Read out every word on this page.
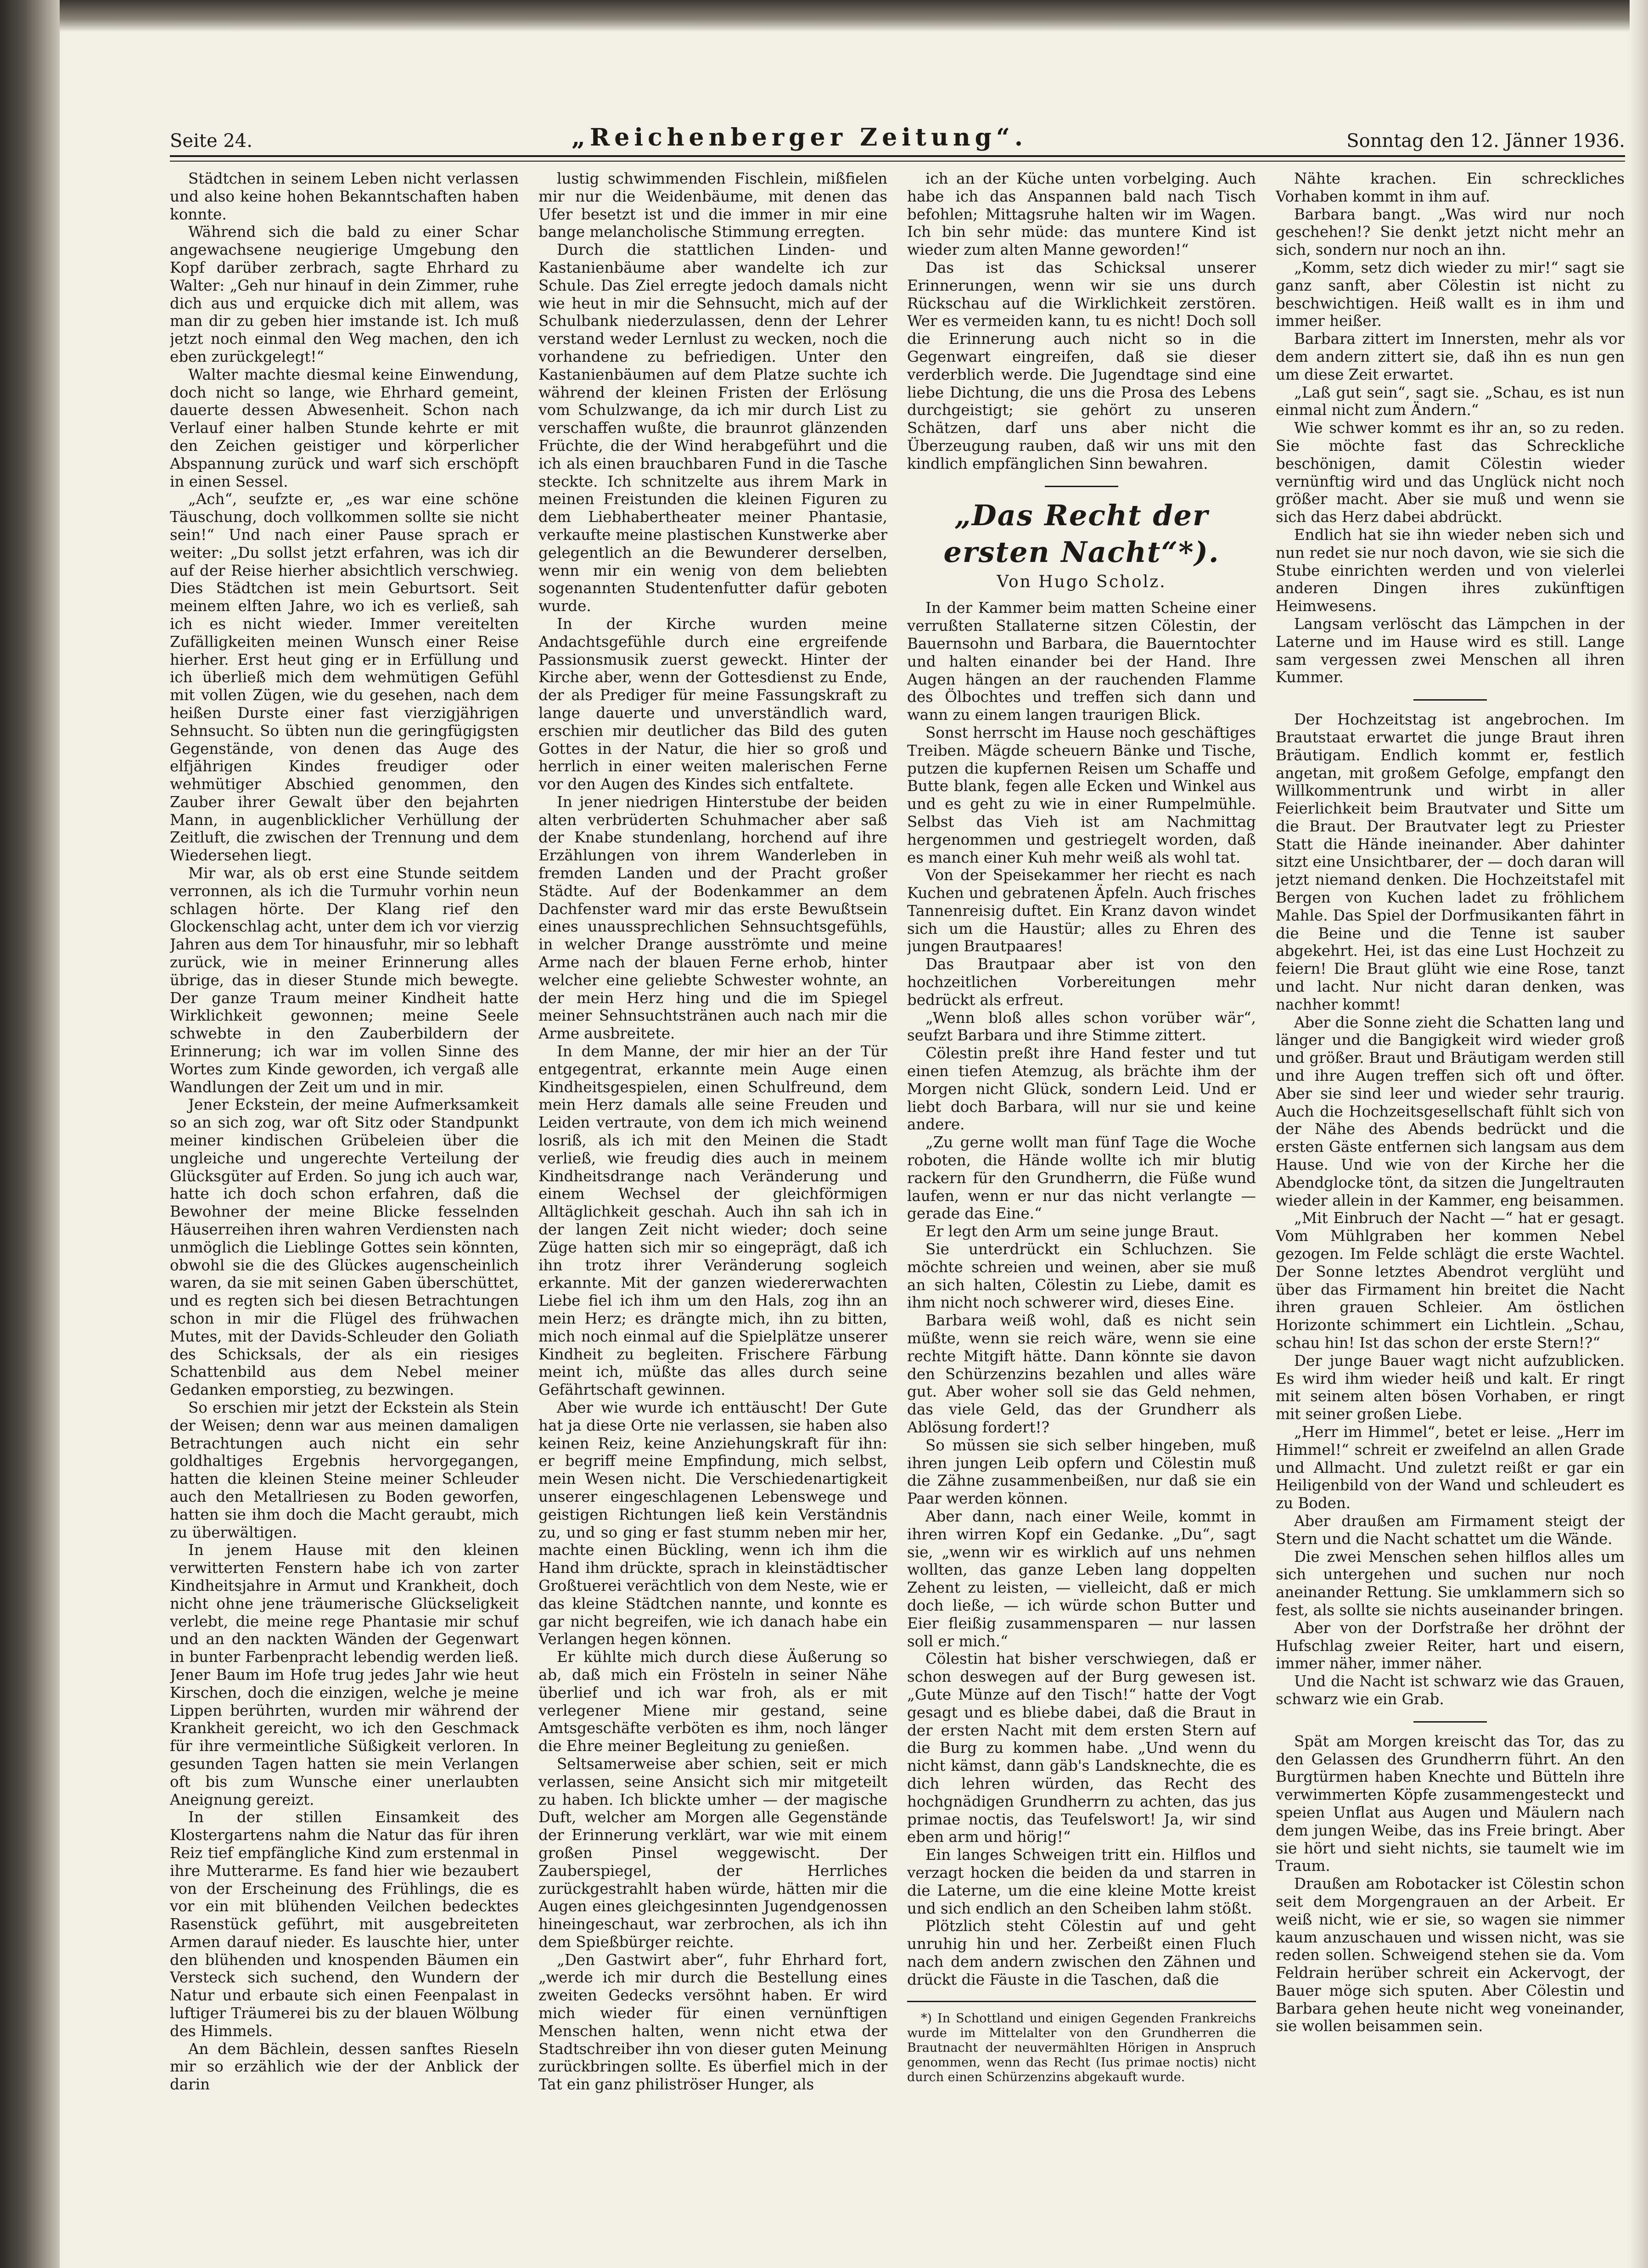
Seite 24.	„Reichenberger Zeitung“.	Sonntag den 12. Jänner 1936.

Städtchen in seinem Leben nicht verlassen und also keine hohen Bekanntschaften haben konnte.

Während sich die bald zu einer Schar angewachsene neugierige Umgebung den Kopf darüber zerbrach, sagte Ehrhard zu Walter: „Geh nur hinauf in dein Zimmer, ruhe dich aus und erquicke dich mit allem, was man dir zu geben hier imstande ist. Ich muß jetzt noch einmal den Weg machen, den ich eben zurückgelegt!“

Walter machte diesmal keine Einwendung, doch nicht so lange, wie Ehrhard gemeint, dauerte dessen Abwesenheit. Schon nach Verlauf einer halben Stunde kehrte er mit den Zeichen geistiger und körperlicher Abspannung zurück und warf sich erschöpft in einen Sessel.

„Ach“, seufzte er, „es war eine schöne Täuschung, doch vollkommen sollte sie nicht sein!“ Und nach einer Pause sprach er weiter: „Du sollst jetzt erfahren, was ich dir auf der Reise hierher absichtlich verschwieg. Dies Städtchen ist mein Geburtsort. Seit meinem elften Jahre, wo ich es verließ, sah ich es nicht wieder. Immer vereitelten Zufälligkeiten meinen Wunsch einer Reise hierher. Erst heut ging er in Erfüllung und ich überließ mich dem wehmütigen Gefühl mit vollen Zügen, wie du gesehen, nach dem heißen Durste einer fast vierzigjährigen Sehnsucht. So übten nun die geringfügigsten Gegenstände, von denen das Auge des elfjährigen Kindes freudiger oder wehmütiger Abschied genommen, den Zauber ihrer Gewalt über den bejahrten Mann, in augenblicklicher Verhüllung der Zeitluft, die zwischen der Trennung und dem Wiedersehen liegt.

Mir war, als ob erst eine Stunde seitdem verronnen, als ich die Turmuhr vorhin neun schlagen hörte. Der Klang rief den Glockenschlag acht, unter dem ich vor vierzig Jahren aus dem Tor hinausfuhr, mir so lebhaft zurück, wie in meiner Erinnerung alles übrige, das in dieser Stunde mich bewegte. Der ganze Traum meiner Kindheit hatte Wirklichkeit gewonnen; meine Seele schwebte in den Zauberbildern der Erinnerung; ich war im vollen Sinne des Wortes zum Kinde geworden, ich vergaß alle Wandlungen der Zeit um und in mir.

Jener Eckstein, der meine Aufmerksamkeit so an sich zog, war oft Sitz oder Standpunkt meiner kindischen Grübeleien über die ungleiche und ungerechte Verteilung der Glücksgüter auf Erden. So jung ich auch war, hatte ich doch schon erfahren, daß die Bewohner der meine Blicke fesselnden Häuserreihen ihren wahren Verdiensten nach unmöglich die Lieblinge Gottes sein könnten, obwohl sie die des Glückes augenscheinlich waren, da sie mit seinen Gaben überschüttet, und es regten sich bei diesen Betrachtungen schon in mir die Flügel des frühwachen Mutes, mit der Davids-Schleuder den Goliath des Schicksals, der als ein riesiges Schattenbild aus dem Nebel meiner Gedanken emporstieg, zu bezwingen.

So erschien mir jetzt der Eckstein als Stein der Weisen; denn war aus meinen damaligen Betrachtungen auch nicht ein sehr goldhaltiges Ergebnis hervorgegangen, hatten die kleinen Steine meiner Schleuder auch den Metallriesen zu Boden geworfen, hatten sie ihm doch die Macht geraubt, mich zu überwältigen.

In jenem Hause mit den kleinen verwitterten Fenstern habe ich von zarter Kindheitsjahre in Armut und Krankheit, doch nicht ohne jene träumerische Glückseligkeit verlebt, die meine rege Phantasie mir schuf und an den nackten Wänden der Gegenwart in bunter Farbenpracht lebendig werden ließ. Jener Baum im Hofe trug jedes Jahr wie heut Kirschen, doch die einzigen, welche je meine Lippen berührten, wurden mir während der Krankheit gereicht, wo ich den Geschmack für ihre vermeintliche Süßigkeit verloren. In gesunden Tagen hatten sie mein Verlangen oft bis zum Wunsche einer unerlaubten Aneignung gereizt.

In der stillen Einsamkeit des Klostergartens nahm die Natur das für ihren Reiz tief empfängliche Kind zum erstenmal in ihre Mutterarme. Es fand hier wie bezaubert von der Erscheinung des Frühlings, die es vor ein mit blühenden Veilchen bedecktes Rasenstück geführt, mit ausgebreiteten Armen darauf nieder. Es lauschte hier, unter den blühenden und knospenden Bäumen ein Versteck sich suchend, den Wundern der Natur und erbaute sich einen Feenpalast in luftiger Träumerei bis zu der blauen Wölbung des Himmels.

An dem Bächlein, dessen sanftes Rieseln mir so erzählich wie der der Anblick der darin

lustig schwimmenden Fischlein, mißfielen mir nur die Weidenbäume, mit denen das Ufer besetzt ist und die immer in mir eine bange melancholische Stimmung erregten.

Durch die stattlichen Linden- und Kastanienbäume aber wandelte ich zur Schule. Das Ziel erregte jedoch damals nicht wie heut in mir die Sehnsucht, mich auf der Schulbank niederzulassen, denn der Lehrer verstand weder Lernlust zu wecken, noch die vorhandene zu befriedigen. Unter den Kastanienbäumen auf dem Platze suchte ich während der kleinen Fristen der Erlösung vom Schulzwange, da ich mir durch List zu verschaffen wußte, die braunrot glänzenden Früchte, die der Wind herabgeführt und die ich als einen brauchbaren Fund in die Tasche steckte. Ich schnitzelte aus ihrem Mark in meinen Freistunden die kleinen Figuren zu dem Liebhabertheater meiner Phantasie, verkaufte meine plastischen Kunstwerke aber gelegentlich an die Bewunderer derselben, wenn mir ein wenig von dem beliebten sogenannten Studentenfutter dafür geboten wurde.

In der Kirche wurden meine Andachtsgefühle durch eine ergreifende Passionsmusik zuerst geweckt. Hinter der Kirche aber, wenn der Gottesdienst zu Ende, der als Prediger für meine Fassungskraft zu lange dauerte und unverständlich ward, erschien mir deutlicher das Bild des guten Gottes in der Natur, die hier so groß und herrlich in einer weiten malerischen Ferne vor den Augen des Kindes sich entfaltete.

In jener niedrigen Hinterstube der beiden alten verbrüderten Schuhmacher aber saß der Knabe stundenlang, horchend auf ihre Erzählungen von ihrem Wanderleben in fremden Landen und der Pracht großer Städte. Auf der Bodenkammer an dem Dachfenster ward mir das erste Bewußtsein eines unaussprechlichen Sehnsuchtsgefühls, in welcher Drange ausströmte und meine Arme nach der blauen Ferne erhob, hinter welcher eine geliebte Schwester wohnte, an der mein Herz hing und die im Spiegel meiner Sehnsuchtstränen auch nach mir die Arme ausbreitete.

In dem Manne, der mir hier an der Tür entgegentrat, erkannte mein Auge einen Kindheitsgespielen, einen Schulfreund, dem mein Herz damals alle seine Freuden und Leiden vertraute, von dem ich mich weinend losriß, als ich mit den Meinen die Stadt verließ, wie freudig dies auch in meinem Kindheitsdrange nach Veränderung und einem Wechsel der gleichförmigen Alltäglichkeit geschah. Auch ihn sah ich in der langen Zeit nicht wieder; doch seine Züge hatten sich mir so eingeprägt, daß ich ihn trotz ihrer Veränderung sogleich erkannte. Mit der ganzen wiedererwachten Liebe fiel ich ihm um den Hals, zog ihn an mein Herz; es drängte mich, ihn zu bitten, mich noch einmal auf die Spielplätze unserer Kindheit zu begleiten. Frischere Färbung meint ich, müßte das alles durch seine Gefährtschaft gewinnen.

Aber wie wurde ich enttäuscht! Der Gute hat ja diese Orte nie verlassen, sie haben also keinen Reiz, keine Anziehungskraft für ihn: er begriff meine Empfindung, mich selbst, mein Wesen nicht. Die Verschiedenartigkeit unserer eingeschlagenen Lebenswege und geistigen Richtungen ließ kein Verständnis zu, und so ging er fast stumm neben mir her, machte einen Bückling, wenn ich ihm die Hand ihm drückte, sprach in kleinstädtischer Großtuerei verächtlich von dem Neste, wie er das kleine Städtchen nannte, und konnte es gar nicht begreifen, wie ich danach habe ein Verlangen hegen können.

Er kühlte mich durch diese Äußerung so ab, daß mich ein Frösteln in seiner Nähe überlief und ich war froh, als er mit verlegener Miene mir gestand, seine Amtsgeschäfte verböten es ihm, noch länger die Ehre meiner Begleitung zu genießen.

Seltsamerweise aber schien, seit er mich verlassen, seine Ansicht sich mir mitgeteilt zu haben. Ich blickte umher — der magische Duft, welcher am Morgen alle Gegenstände der Erinnerung verklärt, war wie mit einem großen Pinsel weggewischt. Der Zauberspiegel, der Herrliches zurückgestrahlt haben würde, hätten mir die Augen eines gleichgesinnten Jugendgenossen hineingeschaut, war zerbrochen, als ich ihn dem Spießbürger reichte.

„Den Gastwirt aber“, fuhr Ehrhard fort, „werde ich mir durch die Bestellung eines zweiten Gedecks versöhnt haben. Er wird mich wieder für einen vernünftigen Menschen halten, wenn nicht etwa der Stadtschreiber ihn von dieser guten Meinung zurückbringen sollte. Es überfiel mich in der Tat ein ganz philiströser Hunger, als

ich an der Küche unten vorbelging. Auch habe ich das Anspannen bald nach Tisch befohlen; Mittagsruhe halten wir im Wagen. Ich bin sehr müde: das muntere Kind ist wieder zum alten Manne geworden!“

Das ist das Schicksal unserer Erinnerungen, wenn wir sie uns durch Rückschau auf die Wirklichkeit zerstören. Wer es vermeiden kann, tu es nicht! Doch soll die Erinnerung auch nicht so in die Gegenwart eingreifen, daß sie dieser verderblich werde. Die Jugendtage sind eine liebe Dichtung, die uns die Prosa des Lebens durchgeistigt; sie gehört zu unseren Schätzen, darf uns aber nicht die Überzeugung rauben, daß wir uns mit den kindlich empfänglichen Sinn bewahren.

„Das Recht der ersten Nacht“*).
Von Hugo Scholz.

In der Kammer beim matten Scheine einer verrußten Stallaterne sitzen Cölestin, der Bauernsohn und Barbara, die Bauerntochter und halten einander bei der Hand. Ihre Augen hängen an der rauchenden Flamme des Ölbochtes und treffen sich dann und wann zu einem langen traurigen Blick.

Sonst herrscht im Hause noch geschäftiges Treiben. Mägde scheuern Bänke und Tische, putzen die kupfernen Reisen um Schaffe und Butte blank, fegen alle Ecken und Winkel aus und es geht zu wie in einer Rumpelmühle. Selbst das Vieh ist am Nachmittag hergenommen und gestriegelt worden, daß es manch einer Kuh mehr weiß als wohl tat.

Von der Speisekammer her riecht es nach Kuchen und gebratenen Äpfeln. Auch frisches Tannenreisig duftet. Ein Kranz davon windet sich um die Haustür; alles zu Ehren des jungen Brautpaares!

Das Brautpaar aber ist von den hochzeitlichen Vorbereitungen mehr bedrückt als erfreut.

„Wenn bloß alles schon vorüber wär“, seufzt Barbara und ihre Stimme zittert.

Cölestin preßt ihre Hand fester und tut einen tiefen Atemzug, als brächte ihm der Morgen nicht Glück, sondern Leid. Und er liebt doch Barbara, will nur sie und keine andere.

„Zu gerne wollt man fünf Tage die Woche roboten, die Hände wollte ich mir blutig rackern für den Grundherrn, die Füße wund laufen, wenn er nur das nicht verlangte — gerade das Eine.“

Er legt den Arm um seine junge Braut.

Sie unterdrückt ein Schluchzen. Sie möchte schreien und weinen, aber sie muß an sich halten, Cölestin zu Liebe, damit es ihm nicht noch schwerer wird, dieses Eine.

Barbara weiß wohl, daß es nicht sein müßte, wenn sie reich wäre, wenn sie eine rechte Mitgift hätte. Dann könnte sie davon den Schürzenzins bezahlen und alles wäre gut. Aber woher soll sie das Geld nehmen, das viele Geld, das der Grundherr als Ablösung fordert!?

So müssen sie sich selber hingeben, muß ihren jungen Leib opfern und Cölestin muß die Zähne zusammenbeißen, nur daß sie ein Paar werden können.

Aber dann, nach einer Weile, kommt in ihren wirren Kopf ein Gedanke. „Du“, sagt sie, „wenn wir es wirklich auf uns nehmen wollten, das ganze Leben lang doppelten Zehent zu leisten, — vielleicht, daß er mich doch ließe, — ich würde schon Butter und Eier fleißig zusammensparen — nur lassen soll er mich.“

Cölestin hat bisher verschwiegen, daß er schon deswegen auf der Burg gewesen ist. „Gute Münze auf den Tisch!“ hatte der Vogt gesagt und es bliebe dabei, daß die Braut in der ersten Nacht mit dem ersten Stern auf die Burg zu kommen habe. „Und wenn du nicht kämst, dann gäb's Landsknechte, die es dich lehren würden, das Recht des hochgnädigen Grundherrn zu achten, das jus primae noctis, das Teufelswort! Ja, wir sind eben arm und hörig!“

Ein langes Schweigen tritt ein. Hilflos und verzagt hocken die beiden da und starren in die Laterne, um die eine kleine Motte kreist und sich endlich an den Scheiben lahm stößt.

Plötzlich steht Cölestin auf und geht unruhig hin und her. Zerbeißt einen Fluch nach dem andern zwischen den Zähnen und drückt die Fäuste in die Taschen, daß die

*) In Schottland und einigen Gegenden Frankreichs wurde im Mittelalter von den Grundherren die Brautnacht der neuvermählten Hörigen in Anspruch genommen, wenn das Recht (Ius primae noctis) nicht durch einen Schürzenzins abgekauft wurde.

Nähte krachen. Ein schreckliches Vorhaben kommt in ihm auf.

Barbara bangt. „Was wird nur noch geschehen!? Sie denkt jetzt nicht mehr an sich, sondern nur noch an ihn.

„Komm, setz dich wieder zu mir!“ sagt sie ganz sanft, aber Cölestin ist nicht zu beschwichtigen. Heiß wallt es in ihm und immer heißer.

Barbara zittert im Innersten, mehr als vor dem andern zittert sie, daß ihn es nun gen um diese Zeit erwartet.

„Laß gut sein“, sagt sie. „Schau, es ist nun einmal nicht zum Ändern.“

Wie schwer kommt es ihr an, so zu reden. Sie möchte fast das Schreckliche beschönigen, damit Cölestin wieder vernünftig wird und das Unglück nicht noch größer macht. Aber sie muß und wenn sie sich das Herz dabei abdrückt.

Endlich hat sie ihn wieder neben sich und nun redet sie nur noch davon, wie sie sich die Stube einrichten werden und von vielerlei anderen Dingen ihres zukünftigen Heimwesens.

Langsam verlöscht das Lämpchen in der Laterne und im Hause wird es still. Lange sam vergessen zwei Menschen all ihren Kummer.

Der Hochzeitstag ist angebrochen. Im Brautstaat erwartet die junge Braut ihren Bräutigam. Endlich kommt er, festlich angetan, mit großem Gefolge, empfangt den Willkommentrunk und wirbt in aller Feierlichkeit beim Brautvater und Sitte um die Braut. Der Brautvater legt zu Priester Statt die Hände ineinander. Aber dahinter sitzt eine Unsichtbarer, der — doch daran will jetzt niemand denken. Die Hochzeitstafel mit Bergen von Kuchen ladet zu fröhlichem Mahle. Das Spiel der Dorfmusikanten fährt in die Beine und die Tenne ist sauber abgekehrt. Hei, ist das eine Lust Hochzeit zu feiern! Die Braut glüht wie eine Rose, tanzt und lacht. Nur nicht daran denken, was nachher kommt!

Aber die Sonne zieht die Schatten lang und länger und die Bangigkeit wird wieder groß und größer. Braut und Bräutigam werden still und ihre Augen treffen sich oft und öfter. Aber sie sind leer und wieder sehr traurig. Auch die Hochzeitsgesellschaft fühlt sich von der Nähe des Abends bedrückt und die ersten Gäste entfernen sich langsam aus dem Hause. Und wie von der Kirche her die Abendglocke tönt, da sitzen die Jungeltrauten wieder allein in der Kammer, eng beisammen.

„Mit Einbruch der Nacht —“ hat er gesagt. Vom Mühlgraben her kommen Nebel gezogen. Im Felde schlägt die erste Wachtel. Der Sonne letztes Abendrot verglüht und über das Firmament hin breitet die Nacht ihren grauen Schleier. Am östlichen Horizonte schimmert ein Lichtlein. „Schau, schau hin! Ist das schon der erste Stern!?“

Der junge Bauer wagt nicht aufzublicken. Es wird ihm wieder heiß und kalt. Er ringt mit seinem alten bösen Vorhaben, er ringt mit seiner großen Liebe.

„Herr im Himmel“, betet er leise. „Herr im Himmel!“ schreit er zweifelnd an allen Grade und Allmacht. Und zuletzt reißt er gar ein Heiligenbild von der Wand und schleudert es zu Boden.

Aber draußen am Firmament steigt der Stern und die Nacht schattet um die Wände.

Die zwei Menschen sehen hilflos alles um sich untergehen und suchen nur noch aneinander Rettung. Sie umklammern sich so fest, als sollte sie nichts auseinander bringen.

Aber von der Dorfstraße her dröhnt der Hufschlag zweier Reiter, hart und eisern, immer näher, immer näher.

Und die Nacht ist schwarz wie das Grauen, schwarz wie ein Grab.

Spät am Morgen kreischt das Tor, das zu den Gelassen des Grundherrn führt. An den Burgtürmen haben Knechte und Bütteln ihre verwimmerten Köpfe zusammengesteckt und speien Unflat aus Augen und Mäulern nach dem jungen Weibe, das ins Freie bringt. Aber sie hört und sieht nichts, sie taumelt wie im Traum.

Draußen am Robotacker ist Cölestin schon seit dem Morgengrauen an der Arbeit. Er weiß nicht, wie er sie, so wagen sie nimmer kaum anzuschauen und wissen nicht, was sie reden sollen. Schweigend stehen sie da. Vom Feldrain herüber schreit ein Ackervogt, der Bauer möge sich sputen. Aber Cölestin und Barbara gehen heute nicht weg voneinander, sie wollen beisammen sein.
